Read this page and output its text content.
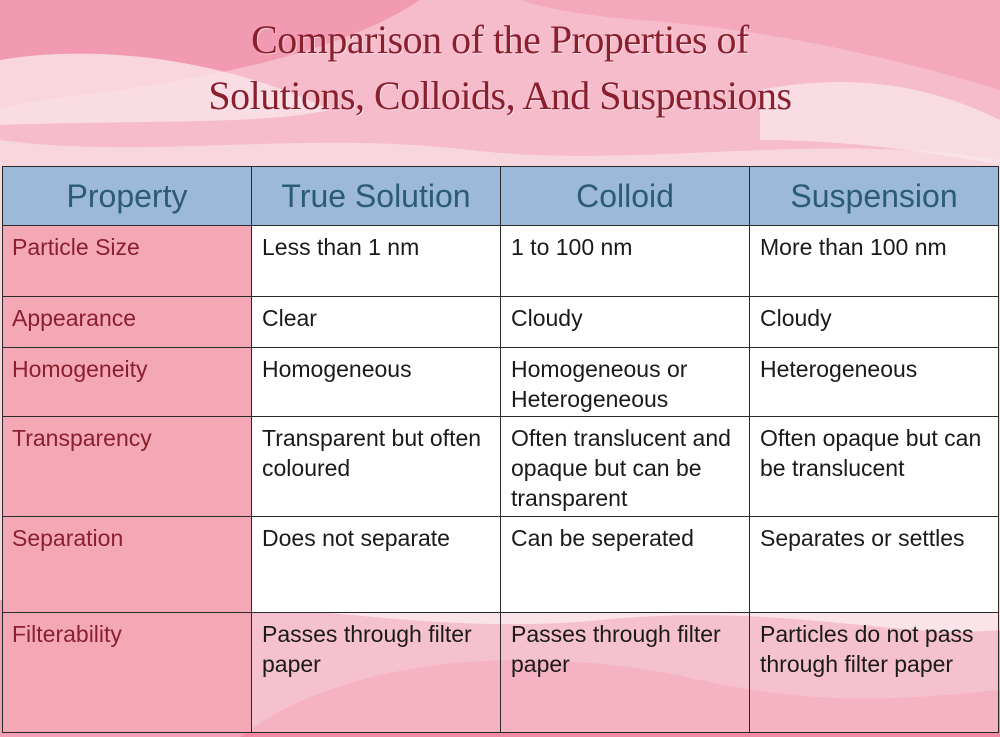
Comparison of the Properties of
Solutions, Colloids, And Suspensions
Property	True Solution	Colloid	Suspension

Particle Size	Less than 1 nm	1 to 100 nm	More than 100 nm

Appearance	Clear	Cloudy	Cloudy

Homogeneity	Homogeneous	Homogeneous or Heterogeneous	Heterogeneous

Transparency	Transparent but often coloured	Often translucent and opaque but can be transparent	Often opaque but can be translucent

Separation	Does not separate	Can be seperated	Separates or settles

Filterability	Passes through filter paper	Passes through filter paper	Particles do not pass through filter paper
